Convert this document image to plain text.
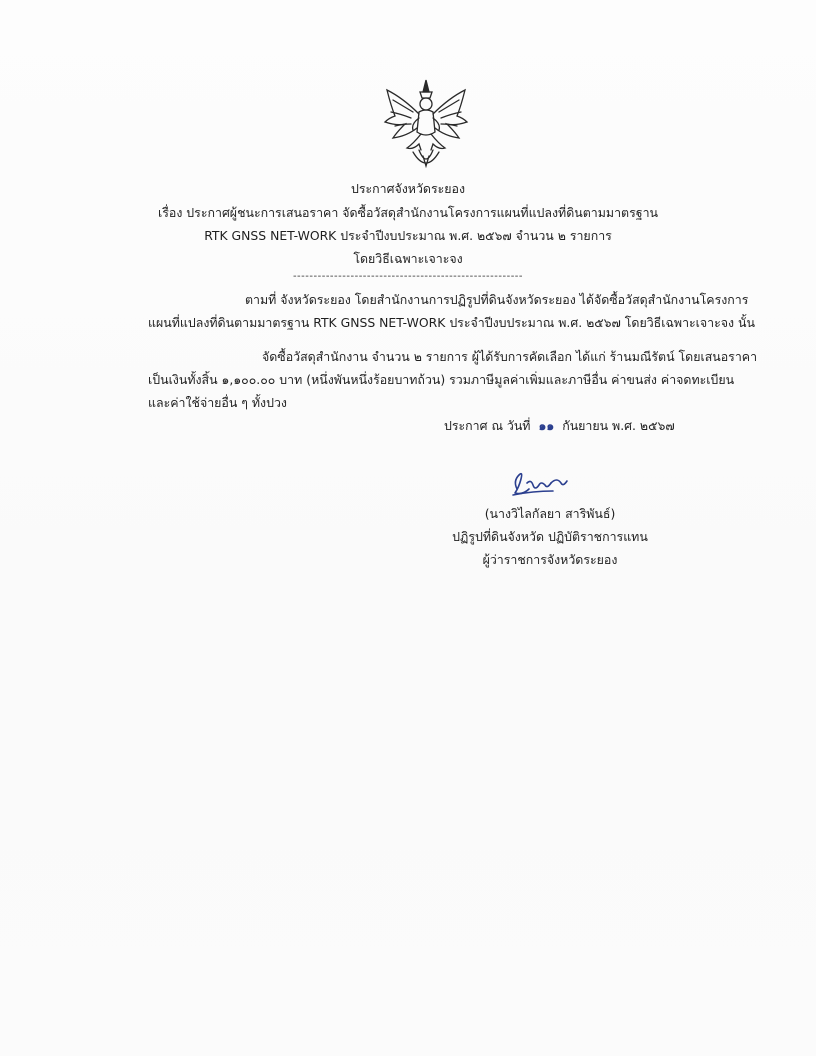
ประกาศจังหวัดระยอง
เรื่อง ประกาศผู้ชนะการเสนอราคา จัดซื้อวัสดุสำนักงานโครงการแผนที่แปลงที่ดินตามมาตรฐาน
RTK GNSS NET-WORK ประจำปีงบประมาณ พ.ศ. ๒๕๖๗ จำนวน ๒ รายการ
โดยวิธีเฉพาะเจาะจง
--------------------------------------------------------
ตามที่ จังหวัดระยอง โดยสำนักงานการปฏิรูปที่ดินจังหวัดระยอง ได้จัดซื้อวัสดุสำนักงานโครงการ
แผนที่แปลงที่ดินตามมาตรฐาน RTK GNSS NET-WORK ประจำปีงบประมาณ พ.ศ. ๒๕๖๗ โดยวิธีเฉพาะเจาะจง นั้น
จัดซื้อวัสดุสำนักงาน จำนวน ๒ รายการ ผู้ได้รับการคัดเลือก ได้แก่ ร้านมณีรัตน์ โดยเสนอราคา
เป็นเงินทั้งสิ้น ๑,๑๐๐.๐๐ บาท (หนึ่งพันหนึ่งร้อยบาทถ้วน) รวมภาษีมูลค่าเพิ่มและภาษีอื่น ค่าขนส่ง ค่าจดทะเบียน
และค่าใช้จ่ายอื่น ๆ ทั้งปวง
ประกาศ ณ วันที่ ๑๑ กันยายน พ.ศ. ๒๕๖๗
(นางวิไลกัลยา สาริพันธ์)
ปฏิรูปที่ดินจังหวัด ปฏิบัติราชการแทน
ผู้ว่าราชการจังหวัดระยอง
